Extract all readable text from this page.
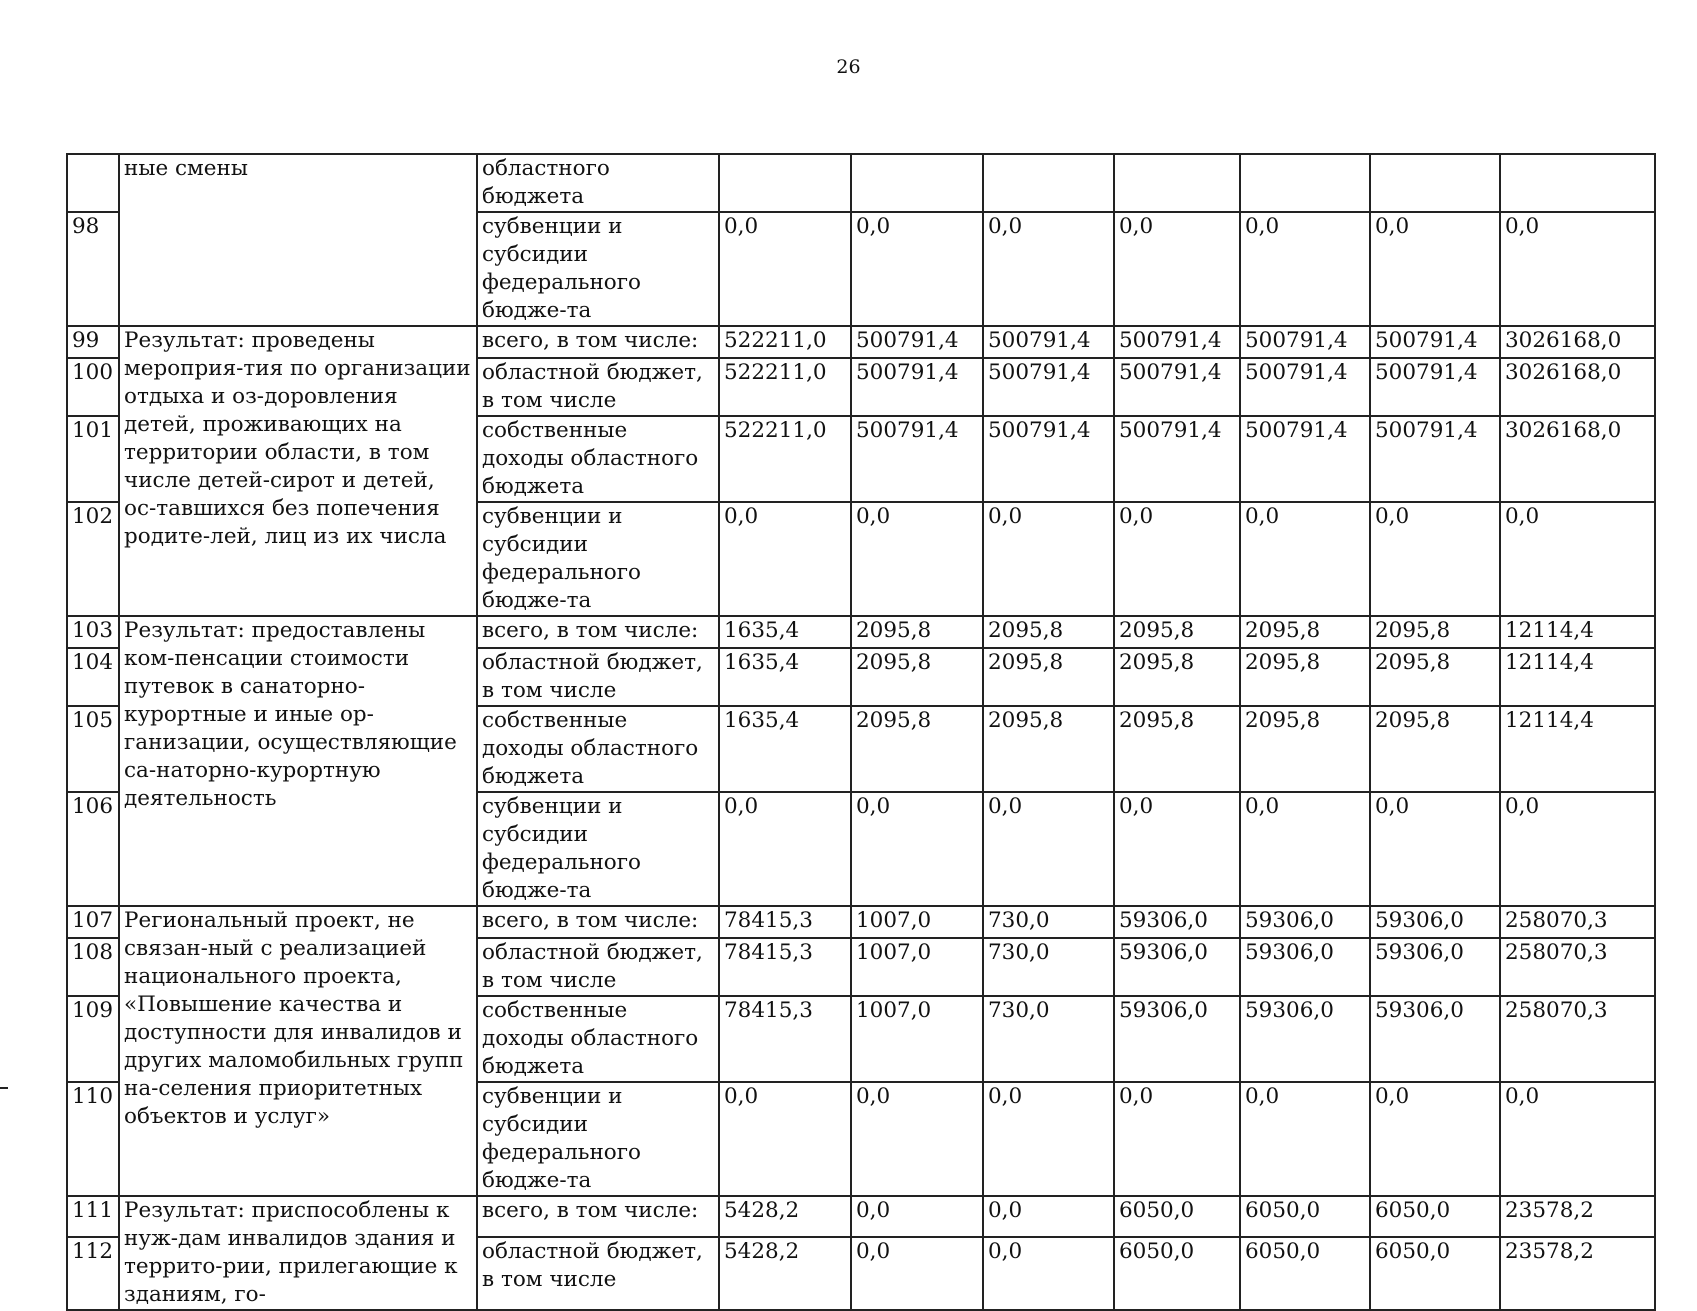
26
	ные смены	областного бюджета							
98		субвенции и субсидии федерального бюдже-та	0,0	0,0	0,0	0,0	0,0	0,0	0,0
99	Результат: проведены мероприя-тия по организации отдыха и оз-доровления детей, проживающих на территории области, в том числе детей-сирот и детей, ос-тавшихся без попечения родите-лей, лиц из их числа	всего, в том числе:	522211,0	500791,4	500791,4	500791,4	500791,4	500791,4	3026168,0
100		областной бюджет, в том числе	522211,0	500791,4	500791,4	500791,4	500791,4	500791,4	3026168,0
101		собственные доходы областного бюджета	522211,0	500791,4	500791,4	500791,4	500791,4	500791,4	3026168,0
102		субвенции и субсидии федерального бюдже-та	0,0	0,0	0,0	0,0	0,0	0,0	0,0
103	Результат: предоставлены ком-пенсации стоимости путевок в санаторно-курортные и иные ор-ганизации, осуществляющие са-наторно-курортную деятельность	всего, в том числе:	1635,4	2095,8	2095,8	2095,8	2095,8	2095,8	12114,4
104		областной бюджет, в том числе	1635,4	2095,8	2095,8	2095,8	2095,8	2095,8	12114,4
105		собственные доходы областного бюджета	1635,4	2095,8	2095,8	2095,8	2095,8	2095,8	12114,4
106		субвенции и субсидии федерального бюдже-та	0,0	0,0	0,0	0,0	0,0	0,0	0,0
107	Региональный проект, не связан-ный с реализацией национального проекта, «Повышение качества и доступности для инвалидов и других маломобильных групп на-селения приоритетных объектов и услуг»	всего, в том числе:	78415,3	1007,0	730,0	59306,0	59306,0	59306,0	258070,3
108		областной бюджет, в том числе	78415,3	1007,0	730,0	59306,0	59306,0	59306,0	258070,3
109		собственные доходы областного бюджета	78415,3	1007,0	730,0	59306,0	59306,0	59306,0	258070,3
110		субвенции и субсидии федерального бюдже-та	0,0	0,0	0,0	0,0	0,0	0,0	0,0
111	Результат: приспособлены к нуж-дам инвалидов здания и террито-рии, прилегающие к зданиям, го-	всего, в том числе:	5428,2	0,0	0,0	6050,0	6050,0	6050,0	23578,2
112		областной бюджет, в том числе	5428,2	0,0	0,0	6050,0	6050,0	6050,0	23578,2
